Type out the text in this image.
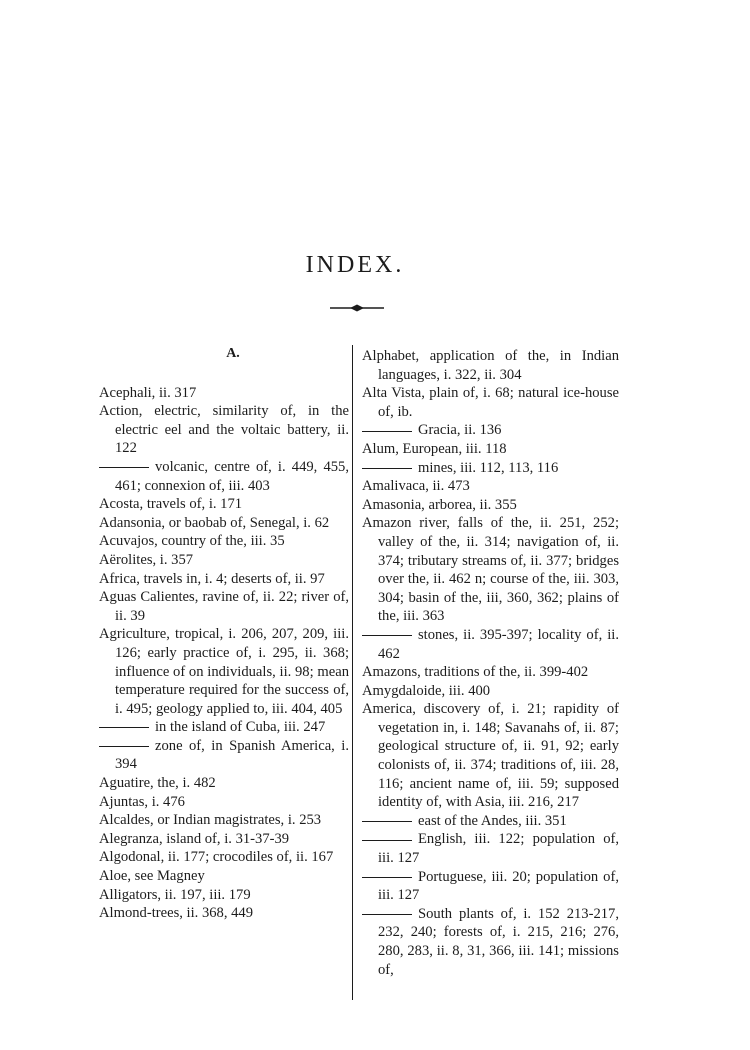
INDEX.
A.
Acephali, ii. 317
Action, electric, similarity of, in the electric eel and the voltaic battery, ii. 122
volcanic, centre of, i. 449, 455, 461; connexion of, iii. 403
Acosta, travels of, i. 171
Adansonia, or baobab of, Senegal, i. 62
Acuvajos, country of the, iii. 35
Aërolites, i. 357
Africa, travels in, i. 4; deserts of, ii. 97
Aguas Calientes, ravine of, ii. 22; river of, ii. 39
Agriculture, tropical, i. 206, 207, 209, iii. 126; early practice of, i. 295, ii. 368; influence of on individuals, ii. 98; mean temperature required for the success of, i. 495; geology applied to, iii. 404, 405
in the island of Cuba, iii. 247
zone of, in Spanish America, i. 394
Aguatire, the, i. 482
Ajuntas, i. 476
Alcaldes, or Indian magistrates, i. 253
Alegranza, island of, i. 31-37-39
Algodonal, ii. 177; crocodiles of, ii. 167
Aloe, see Magney
Alligators, ii. 197, iii. 179
Almond-trees, ii. 368, 449
Alphabet, application of the, in Indian languages, i. 322, ii. 304
Alta Vista, plain of, i. 68; natural ice-house of, ib.
Gracia, ii. 136
Alum, European, iii. 118
mines, iii. 112, 113, 116
Amalivaca, ii. 473
Amasonia, arborea, ii. 355
Amazon river, falls of the, ii. 251, 252; valley of the, ii. 314; navigation of, ii. 374; tributary streams of, ii. 377; bridges over the, ii. 462 n; course of the, iii. 303, 304; basin of the, iii, 360, 362; plains of the, iii. 363
stones, ii. 395-397; locality of, ii. 462
Amazons, traditions of the, ii. 399-402
Amygdaloide, iii. 400
America, discovery of, i. 21; rapidity of vegetation in, i. 148; Savanahs of, ii. 87; geological structure of, ii. 91, 92; early colonists of, ii. 374; traditions of, iii. 28, 116; ancient name of, iii. 59; supposed identity of, with Asia, iii. 216, 217
east of the Andes, iii. 351
English, iii. 122; population of, iii. 127
Portuguese, iii. 20; population of, iii. 127
South plants of, i. 152 213-217, 232, 240; forests of, i. 215, 216; 276, 280, 283, ii. 8, 31, 366, iii. 141; missions of,
